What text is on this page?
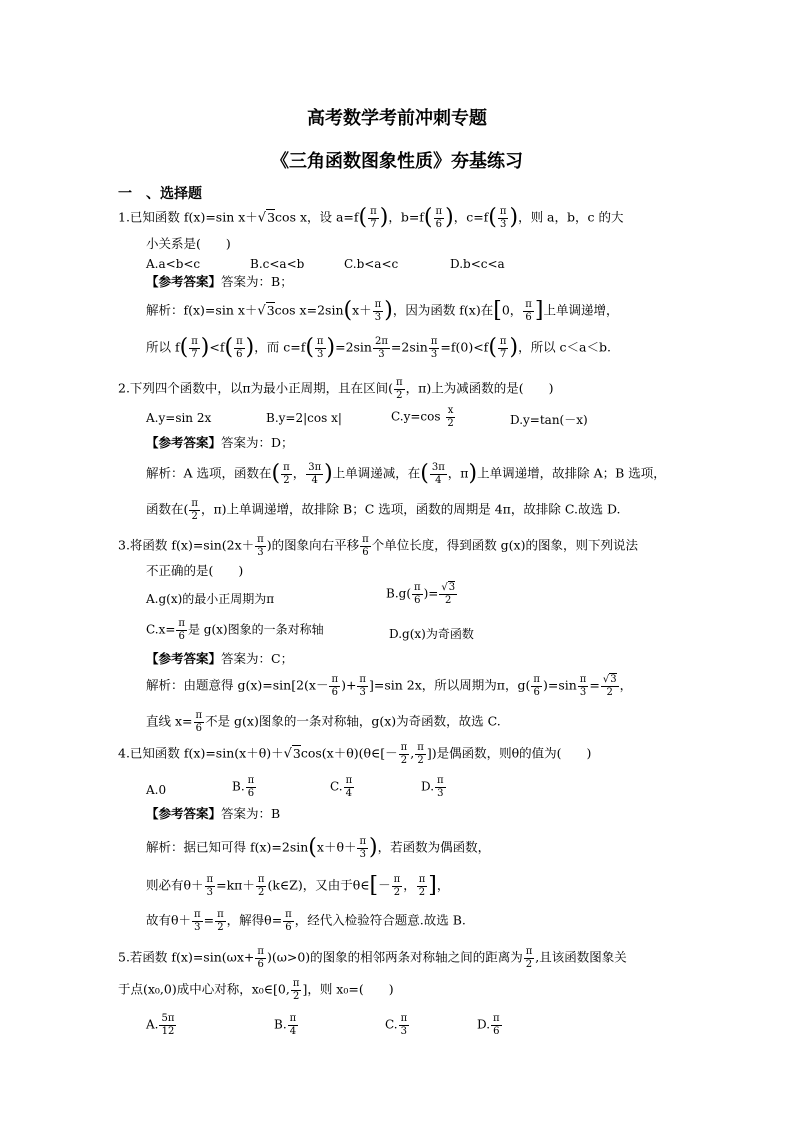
高考数学考前冲刺专题
《三角函数图象性质》夯基练习
一　、选择题
1.已知函数 f(x)=sin x＋√3cos x，设 $a=f( \frac{\pi}{7}$ )，$b=f( \frac{\pi}{6}$ )，$c=f( \frac{\pi}{3}$ )，则 a，b，c 的大
小关系是(　　)
A.a<b<c	B.c<a<b	C.b<a<c	D.b<c<a
【参考答案】答案为：B；
解析：f(x)=sin x＋√3cos $x=2\sin(x+ \frac{\pi}{3}$ )，因为函数 f(x)在[0， $\frac{\pi}{6}$ ]上单调递增，
所以 $f( \frac{\pi}{7} )<f( \frac{\pi}{6}$ )，而 $c=f( \frac{\pi}{3} )=2\sin \frac{2\pi}{3} =2\sin \frac{\pi}{3} =f(0)<f( \frac{\pi}{7}$ )，所以 c＜a＜b.
2.下列四个函数中，以π为最小正周期，且在区间( $\frac{\pi}{2}$ ，π)上为减函数的是(　　)
A.y=sin 2x	B.y=2|cos x|	$C.y=\cos \frac{x}{2}$	D.y=tan(－x)
【参考答案】答案为：D；
解析：A 选项，函数在( $\frac{\pi}{2}$ ， $\frac{3\pi}{4}$ )上单调递减，在( $\frac{3\pi}{4}$ ，π)上单调递增，故排除 A；B 选项，
函数在( $\frac{\pi}{2}$ ，π)上单调递增，故排除 B；C 选项，函数的周期是 4π，故排除 C.故选 D.
3.将函数 $f(x)=\sin(2x+ \frac{\pi}{3}$ )的图象向右平移 $\frac{\pi}{6}$ 个单位长度，得到函数 g(x)的图象，则下列说法
不正确的是(　　)
A.g(x)的最小正周期为π	$B.g( \frac{\pi}{6}$ )= $\frac{√3}{2}$
$C.x= \frac{\pi}{6}$ 是 g(x)图象的一条对称轴	D.g(x)为奇函数
【参考答案】答案为：C；
解析：由题意得 $g(x)=\sin[2(x- \frac{\pi}{6}$ )+ $\frac{\pi}{3} ]=\sin$ 2x，所以周期为π，$g( \frac{\pi}{6} )=\sin \frac{\pi}{3} = \frac{√3}{2}$ ，
直线 $x= \frac{\pi}{6}$ 不是 g(x)图象的一条对称轴，g(x)为奇函数，故选 C.
4.已知函数 f(x)=sin(x＋θ)＋√3cos(x＋θ)(θ∈[－ $\frac{\pi}{2}$ , $\frac{\pi}{2}$ ])是偶函数，则θ的值为(　　)
A.0	B. $\frac{\pi}{6}$	C. $\frac{\pi}{4}$	D. $\frac{\pi}{3}$
【参考答案】答案为：B
解析：据已知可得 $f(x)=2\sin(x+\theta+ \frac{\pi}{3}$ )，若函数为偶函数，
则必有$\theta+ \frac{\pi}{3} =k\pi+ \frac{\pi}{2}$ (k∈Z)，又由于θ∈[－ $\frac{\pi}{2}$ ， $\frac{\pi}{2}$ ]，
故有$\theta+ \frac{\pi}{3} = \frac{\pi}{2}$ ，解得$\theta= \frac{\pi}{6}$ ，经代入检验符合题意.故选 B.
5.若函数 $f(x)=\sin(\omega x+ \frac{\pi}{6} )(\omega>0)$的图象的相邻两条对称轴之间的距离为 $\frac{\pi}{2}$ ,且该函数图象关
于点(x₀,0)成中心对称，x₀∈[0, $\frac{\pi}{2}$ ]，则 x₀=(　　)
A. $\frac{5\pi}{12}$	B. $\frac{\pi}{4}$	C. $\frac{\pi}{3}$	D. $\frac{\pi}{6}$
